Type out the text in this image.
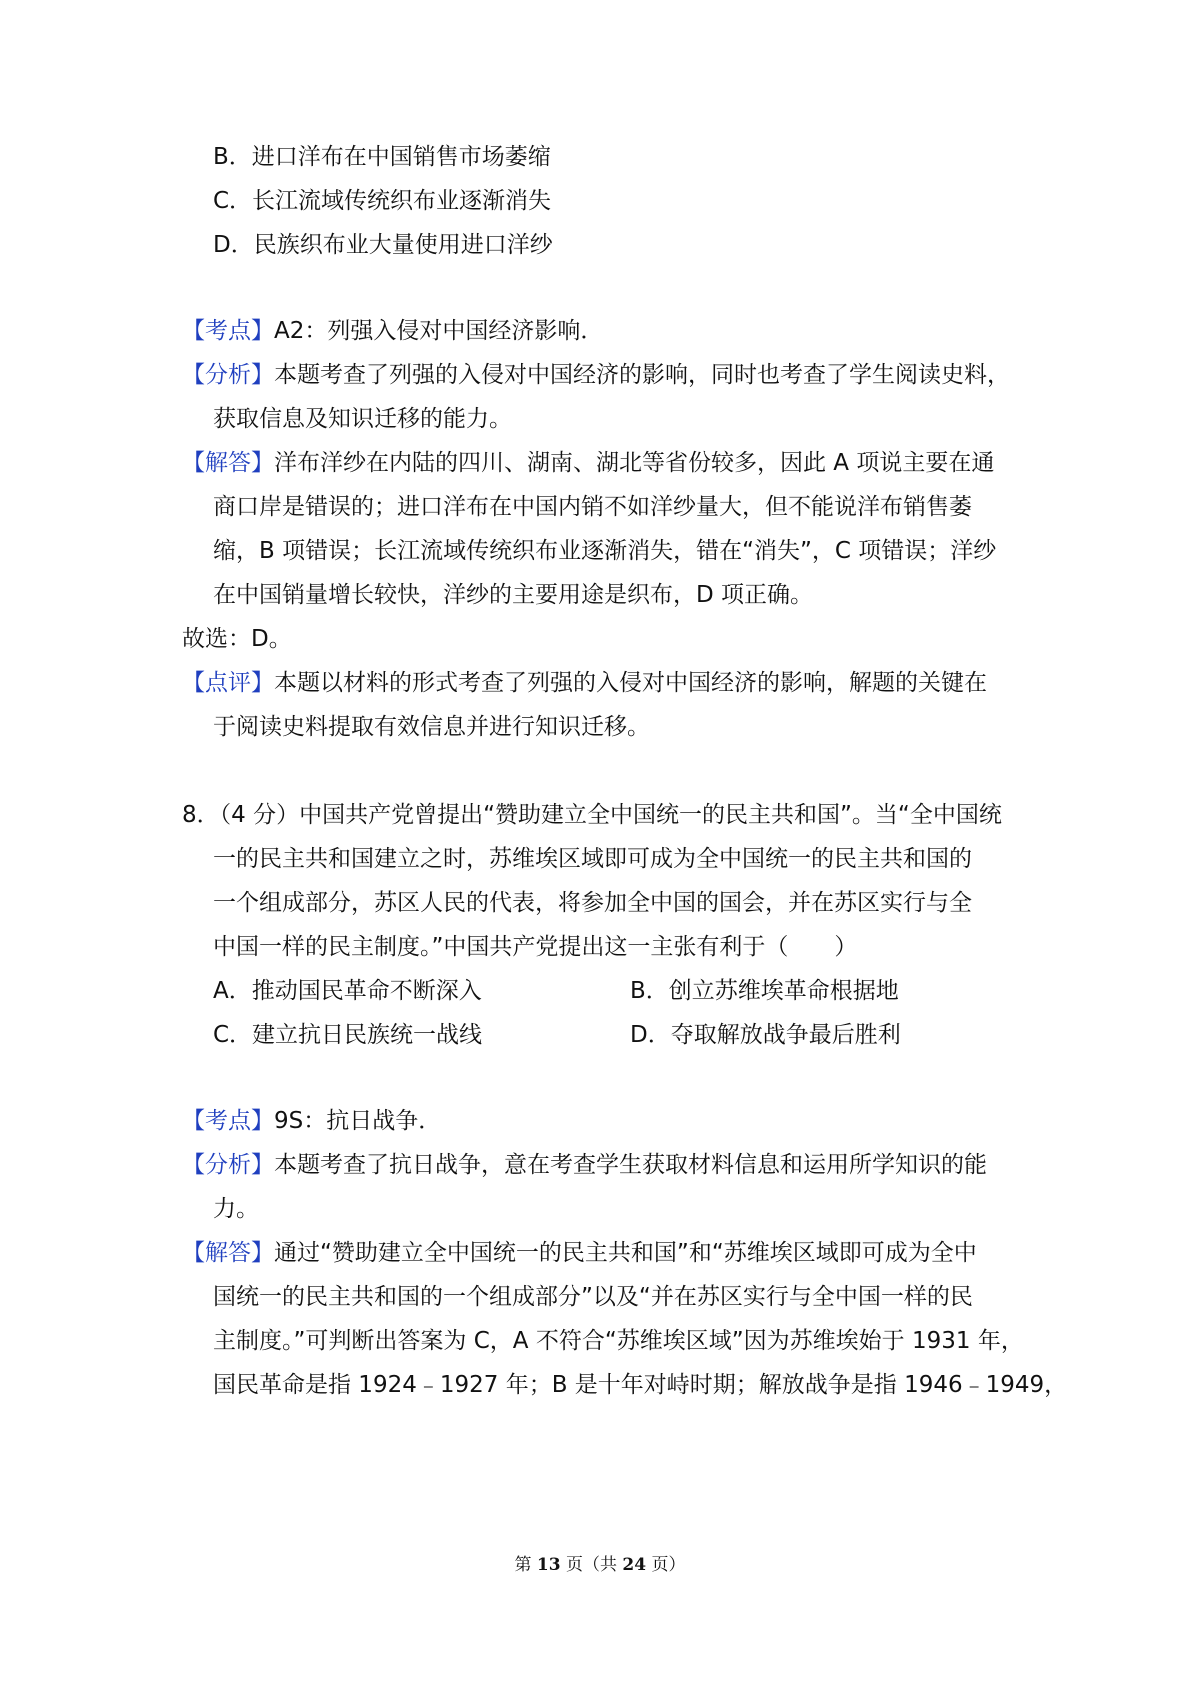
B．进口洋布在中国销售市场萎缩
C．长江流域传统织布业逐渐消失
D．民族织布业大量使用进口洋纱
【考点】A2：列强入侵对中国经济影响．
【分析】本题考查了列强的入侵对中国经济的影响，同时也考查了学生阅读史料，
获取信息及知识迁移的能力。
【解答】洋布洋纱在内陆的四川、湖南、湖北等省份较多，因此 A 项说主要在通
商口岸是错误的；进口洋布在中国内销不如洋纱量大，但不能说洋布销售萎
缩，B 项错误；长江流域传统织布业逐渐消失，错在“消失”，C 项错误；洋纱
在中国销量增长较快，洋纱的主要用途是织布，D 项正确。
故选：D。
【点评】本题以材料的形式考查了列强的入侵对中国经济的影响，解题的关键在
于阅读史料提取有效信息并进行知识迁移。
8．（4 分）中国共产党曾提出“赞助建立全中国统一的民主共和国”。当“全中国统
一的民主共和国建立之时，苏维埃区域即可成为全中国统一的民主共和国的
一个组成部分，苏区人民的代表，将参加全中国的国会，并在苏区实行与全
中国一样的民主制度。”中国共产党提出这一主张有利于（　　）
A．推动国民革命不断深入	B．创立苏维埃革命根据地
C．建立抗日民族统一战线	D．夺取解放战争最后胜利
【考点】9S：抗日战争．
【分析】本题考查了抗日战争，意在考查学生获取材料信息和运用所学知识的能
力。
【解答】通过“赞助建立全中国统一的民主共和国”和“苏维埃区域即可成为全中
国统一的民主共和国的一个组成部分”以及“并在苏区实行与全中国一样的民
主制度。”可判断出答案为 C，A 不符合“苏维埃区域”因为苏维埃始于 1931 年，
国民革命是指 1924﹣1927 年；B 是十年对峙时期；解放战争是指 1946﹣1949，
第 13 页（共 24 页）
